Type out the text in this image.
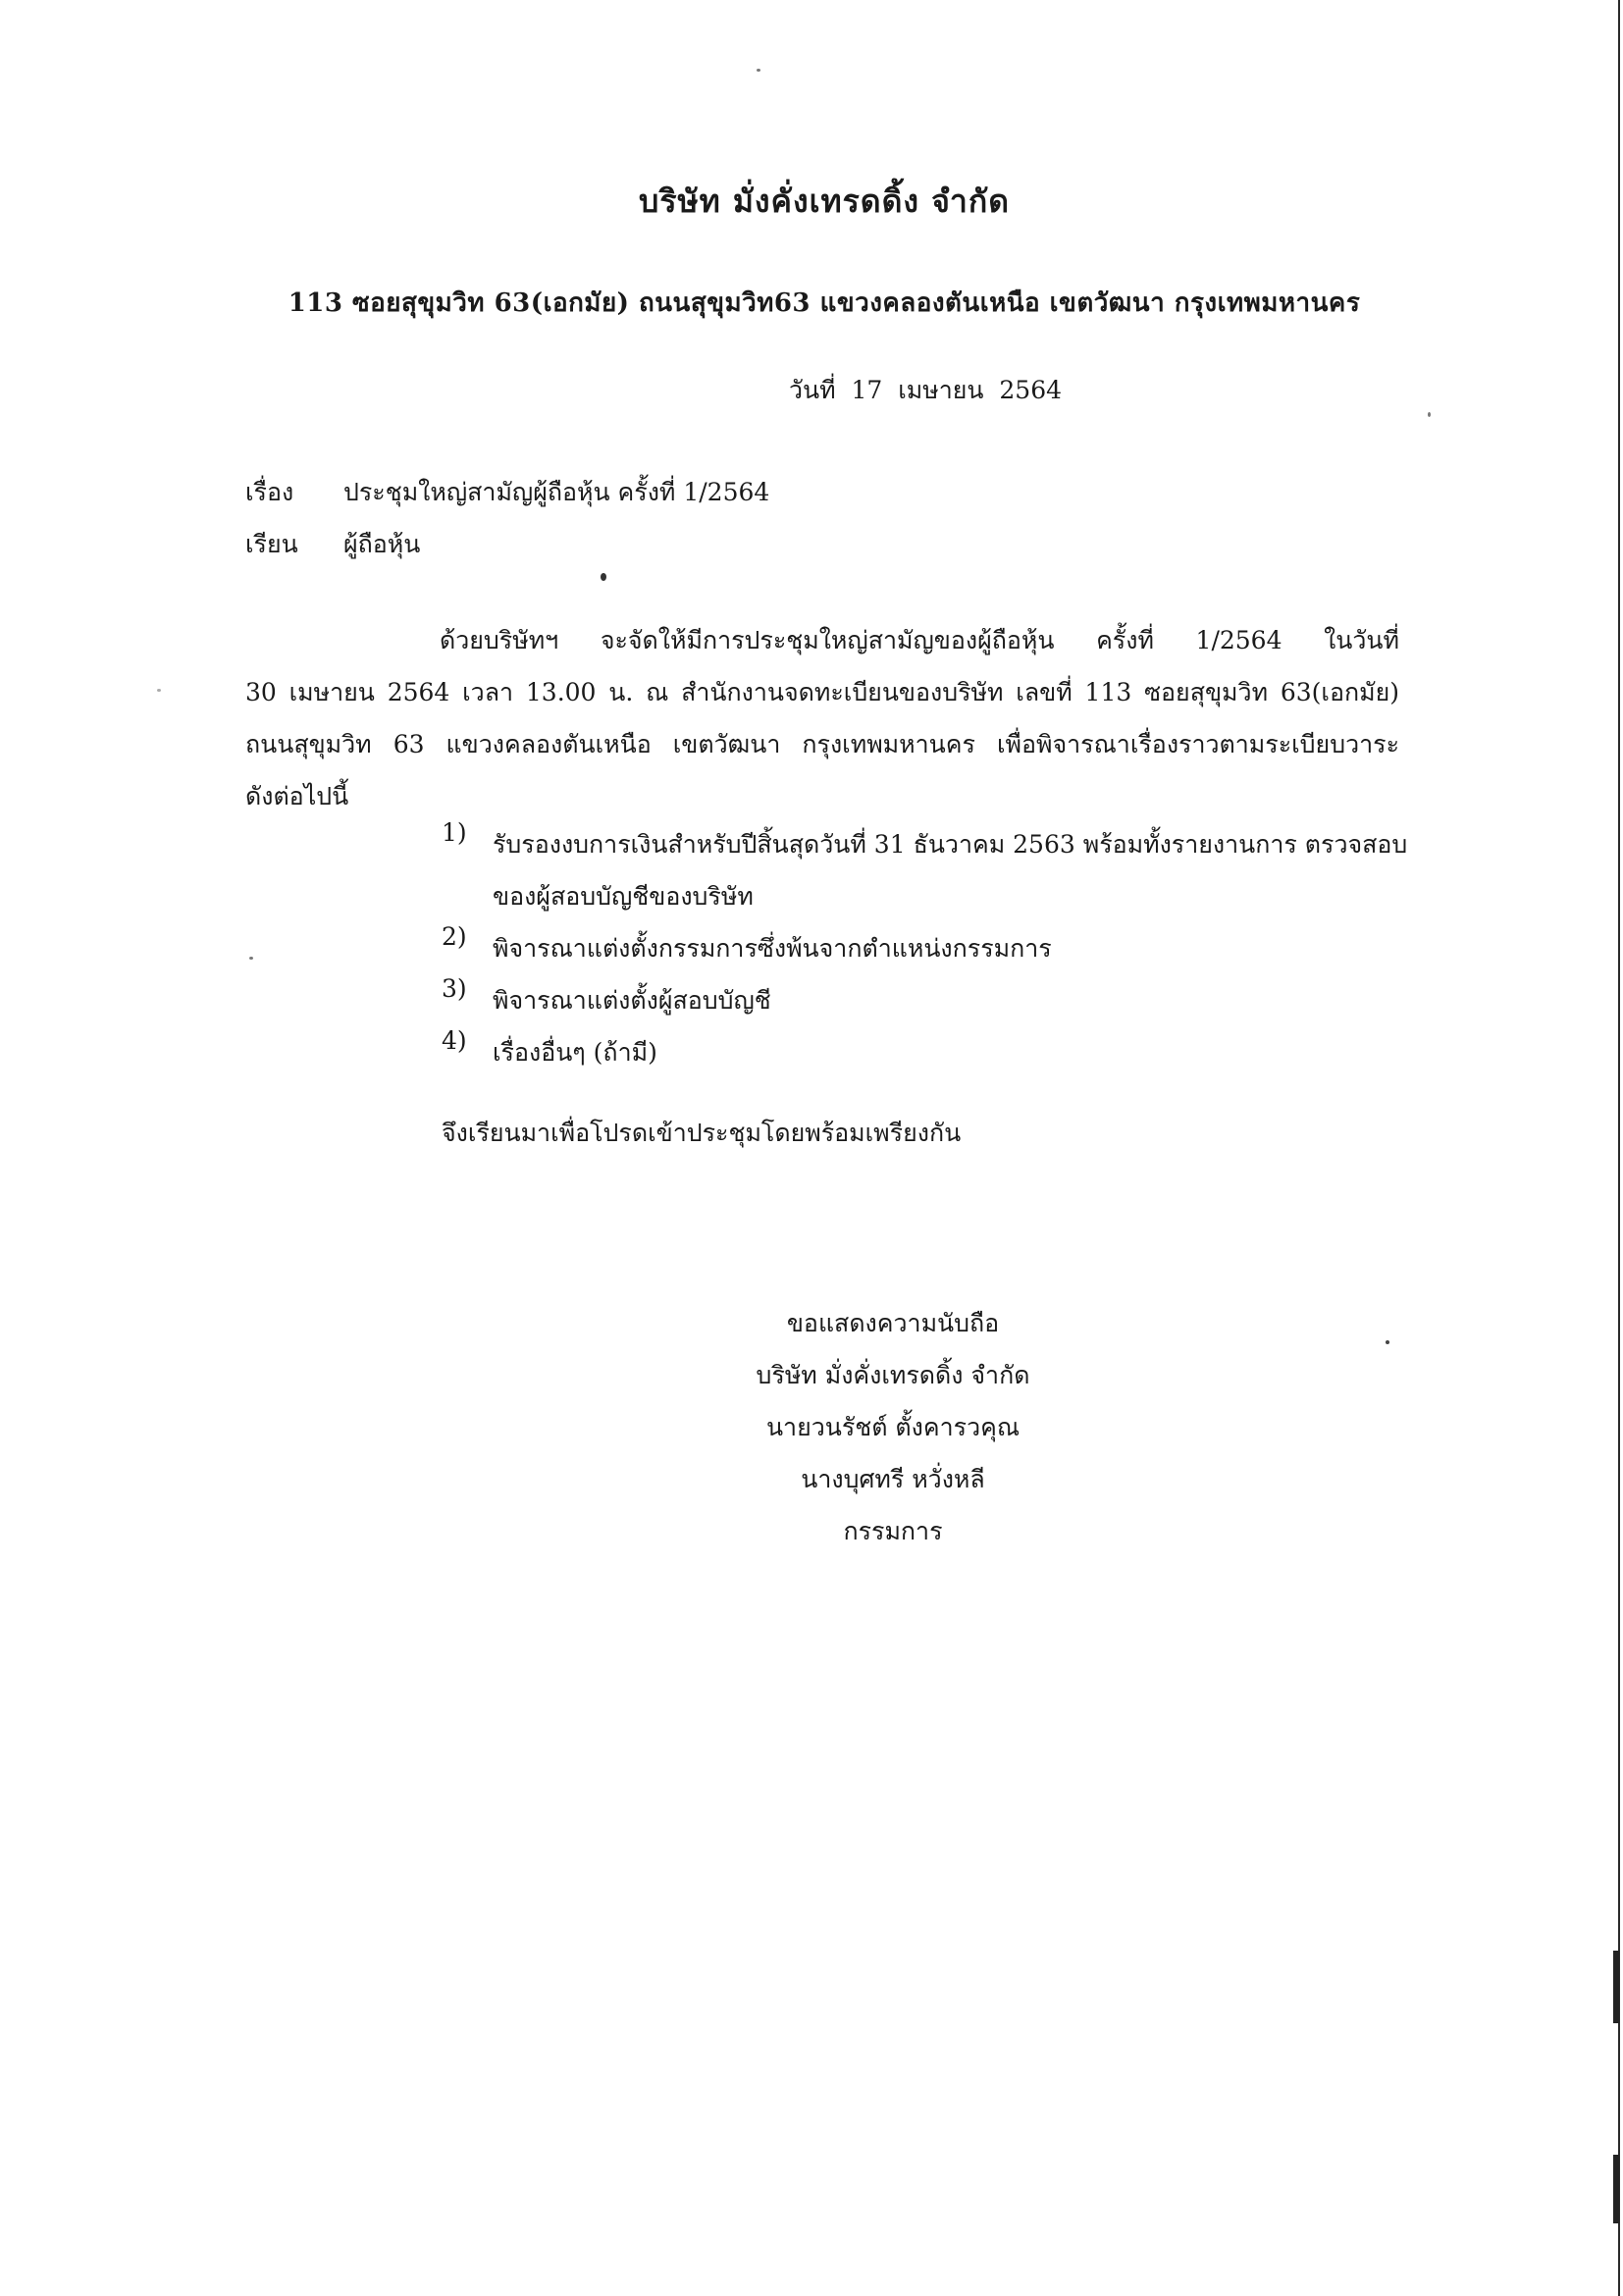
บริษัท มั่งคั่งเทรดดิ้ง จำกัด
113 ซอยสุขุมวิท 63(เอกมัย) ถนนสุขุมวิท63 แขวงคลองตันเหนือ เขตวัฒนา กรุงเทพมหานคร
วันที่  17  เมษายน  2564
เรื่อง ประชุมใหญ่สามัญผู้ถือหุ้น ครั้งที่ 1/2564
เรียน ผู้ถือหุ้น
ด้วยบริษัทฯ จะจัดให้มีการประชุมใหญ่สามัญของผู้ถือหุ้น ครั้งที่ 1/2564 ในวันที่
30 เมษายน 2564 เวลา 13.00 น. ณ สำนักงานจดทะเบียนของบริษัท เลขที่ 113 ซอยสุขุมวิท 63(เอกมัย)
ถนนสุขุมวิท 63 แขวงคลองตันเหนือ เขตวัฒนา กรุงเทพมหานคร เพื่อพิจารณาเรื่องราวตามระเบียบวาระ
ดังต่อไปนี้
1) รับรองงบการเงินสำหรับปีสิ้นสุดวันที่ 31 ธันวาคม 2563 พร้อมทั้งรายงานการ ตรวจสอบ
ของผู้สอบบัญชีของบริษัท
2) พิจารณาแต่งตั้งกรรมการซึ่งพ้นจากตำแหน่งกรรมการ
3) พิจารณาแต่งตั้งผู้สอบบัญชี
4) เรื่องอื่นๆ (ถ้ามี)
จึงเรียนมาเพื่อโปรดเข้าประชุมโดยพร้อมเพรียงกัน
ขอแสดงความนับถือ
บริษัท มั่งคั่งเทรดดิ้ง จำกัด
นายวนรัชต์ ตั้งคารวคุณ
นางบุศทรี หวั่งหลี
กรรมการ
